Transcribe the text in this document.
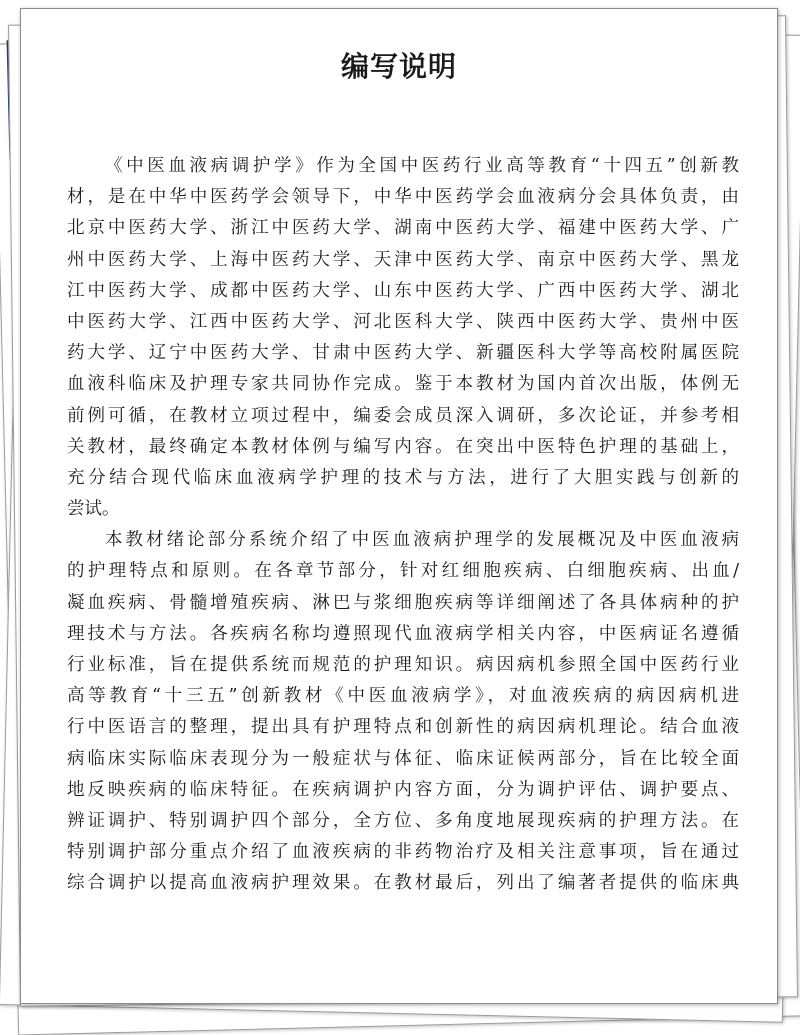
编写说明
《中医血液病调护学》作为全国中医药行业高等教育“十四五”创新教
材，是在中华中医药学会领导下，中华中医药学会血液病分会具体负责，由
北京中医药大学、浙江中医药大学、湖南中医药大学、福建中医药大学、广
州中医药大学、上海中医药大学、天津中医药大学、南京中医药大学、黑龙
江中医药大学、成都中医药大学、山东中医药大学、广西中医药大学、湖北
中医药大学、江西中医药大学、河北医科大学、陕西中医药大学、贵州中医
药大学、辽宁中医药大学、甘肃中医药大学、新疆医科大学等高校附属医院
血液科临床及护理专家共同协作完成。鉴于本教材为国内首次出版，体例无
前例可循，在教材立项过程中，编委会成员深入调研，多次论证，并参考相
关教材，最终确定本教材体例与编写内容。在突出中医特色护理的基础上，
充分结合现代临床血液病学护理的技术与方法，进行了大胆实践与创新的
尝试。
本教材绪论部分系统介绍了中医血液病护理学的发展概况及中医血液病
的护理特点和原则。在各章节部分，针对红细胞疾病、白细胞疾病、出血/
凝血疾病、骨髓增殖疾病、淋巴与浆细胞疾病等详细阐述了各具体病种的护
理技术与方法。各疾病名称均遵照现代血液病学相关内容，中医病证名遵循
行业标准，旨在提供系统而规范的护理知识。病因病机参照全国中医药行业
高等教育“十三五”创新教材《中医血液病学》，对血液疾病的病因病机进
行中医语言的整理，提出具有护理特点和创新性的病因病机理论。结合血液
病临床实际临床表现分为一般症状与体征、临床证候两部分，旨在比较全面
地反映疾病的临床特征。在疾病调护内容方面，分为调护评估、调护要点、
辨证调护、特别调护四个部分，全方位、多角度地展现疾病的护理方法。在
特别调护部分重点介绍了血液疾病的非药物治疗及相关注意事项，旨在通过
综合调护以提高血液病护理效果。在教材最后，列出了编著者提供的临床典
